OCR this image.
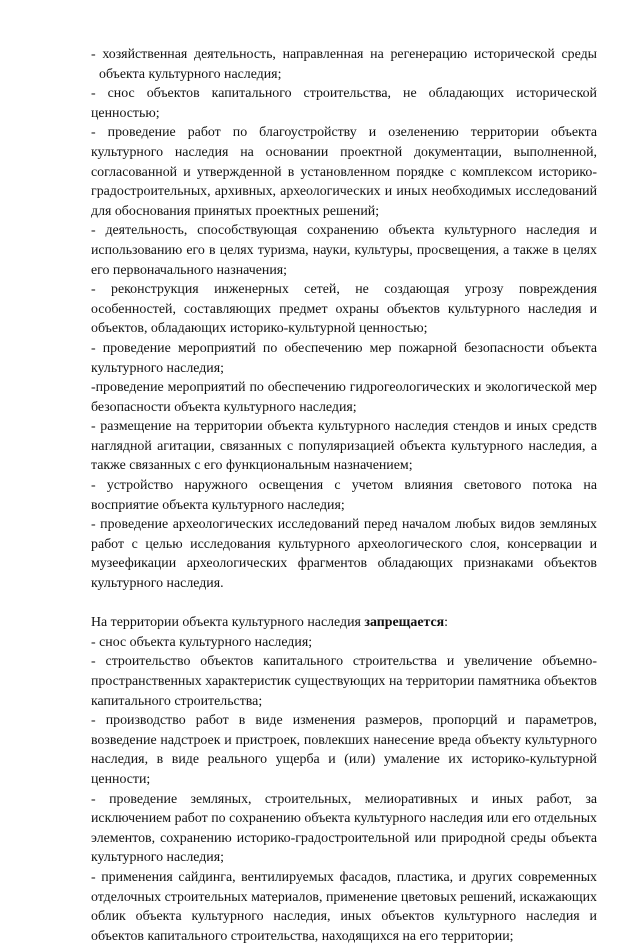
- хозяйственная деятельность, направленная на регенерацию исторической среды объекта культурного наследия;

- снос объектов капитального строительства, не обладающих исторической ценностью;

- проведение работ по благоустройству и озеленению территории объекта культурного наследия на основании проектной документации, выполненной, согласованной и утвержденной в установленном порядке с комплексом историко-градостроительных, архивных, археологических и иных необходимых исследований для обоснования принятых проектных решений;

- деятельность, способствующая сохранению объекта культурного наследия и использованию его в целях туризма, науки, культуры, просвещения, а также в целях его первоначального назначения;

- реконструкция инженерных сетей, не создающая угрозу повреждения особенностей, составляющих предмет охраны объектов культурного наследия и объектов, обладающих историко-культурной ценностью;

- проведение мероприятий по обеспечению мер пожарной безопасности объекта культурного наследия;

-проведение мероприятий по обеспечению гидрогеологических и экологической мер безопасности объекта культурного наследия;

- размещение на территории объекта культурного наследия стендов и иных средств наглядной агитации, связанных с популяризацией объекта культурного наследия, а также связанных с его функциональным назначением;

- устройство наружного освещения с учетом влияния светового потока на восприятие объекта культурного наследия;

- проведение археологических исследований перед началом любых видов земляных работ с целью исследования культурного археологического слоя, консервации и музеефикации археологических фрагментов обладающих признаками объектов культурного наследия.

На территории объекта культурного наследия запрещается:

- снос объекта культурного наследия;

- строительство объектов капитального строительства и увеличение объемно-пространственных характеристик существующих на территории памятника объектов капитального строительства;

- производство работ в виде изменения размеров, пропорций и параметров, возведение надстроек и пристроек, повлекших нанесение вреда объекту культурного наследия, в виде реального ущерба и (или) умаление их историко-культурной ценности;

- проведение земляных, строительных, мелиоративных и иных работ, за исключением работ по сохранению объекта культурного наследия или его отдельных элементов, сохранению историко-градостроительной или природной среды объекта культурного наследия;

- применения сайдинга, вентилируемых фасадов, пластика, и других современных отделочных строительных материалов, применение цветовых решений, искажающих облик объекта культурного наследия, иных объектов культурного наследия и объектов капитального строительства, находящихся на его территории;
